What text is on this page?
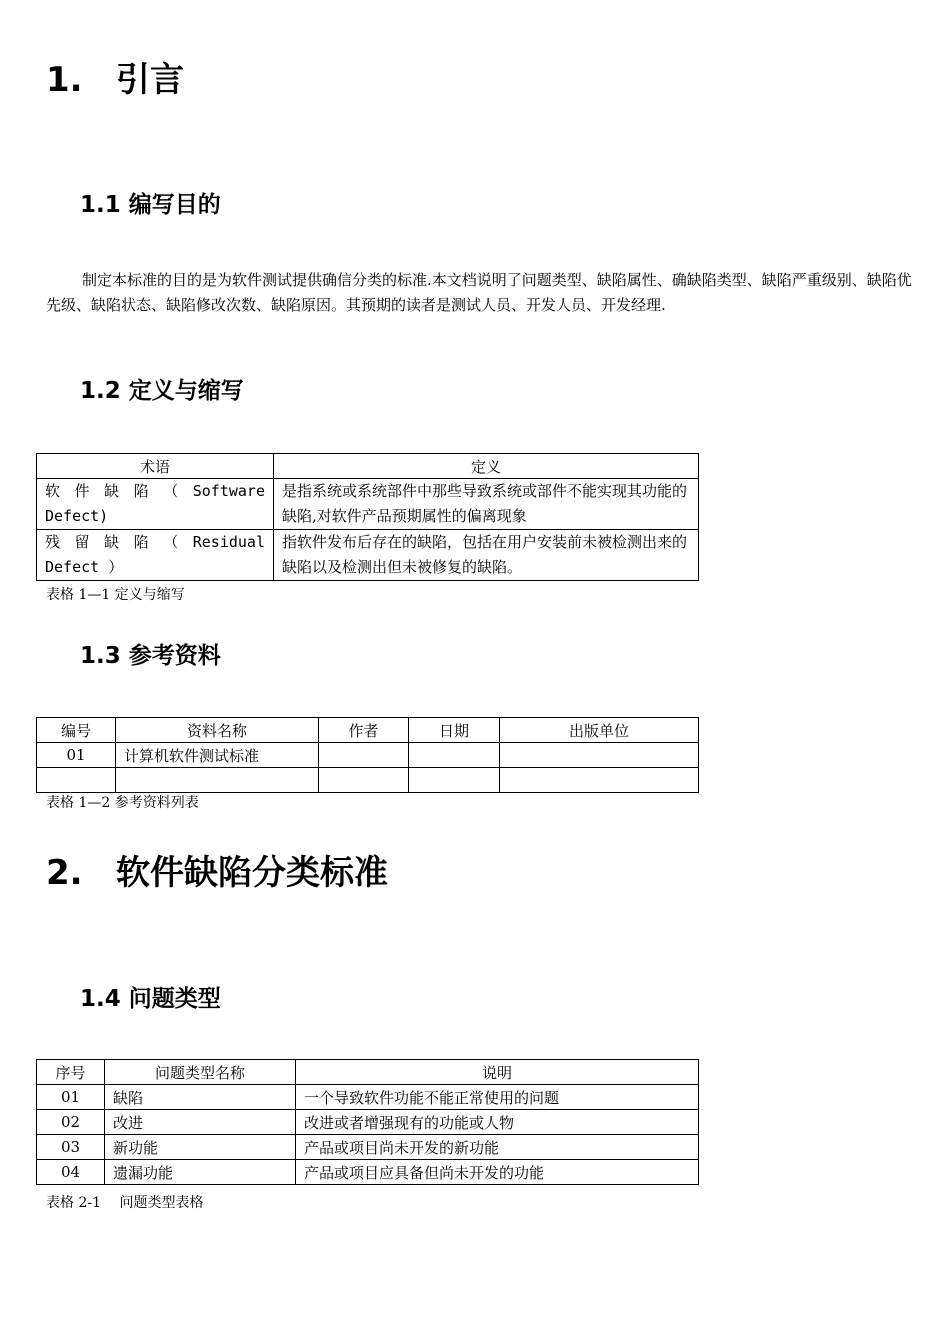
1. 引言
1.1 编写目的

制定本标准的目的是为软件测试提供确信分类的标准.本文档说明了问题类型、缺陷属性、确缺陷类型、缺陷严重级别、缺陷优先级、缺陷状态、缺陷修改次数、缺陷原因。其预期的读者是测试人员、开发人员、开发经理.

1.2 定义与缩写
术语	定义

软 件 缺 陷 （ Software
Defect)	是指系统或系统部件中那些导致系统或部件不能实现其功能的缺陷,对软件产品预期属性的偏离现象

残 留 缺 陷 （ Residual
Defect ）	指软件发布后存在的缺陷，包括在用户安装前未被检测出来的缺陷以及检测出但未被修复的缺陷。

表格 1—1 定义与缩写

1.3 参考资料
编号	资料名称	作者	日期	出版单位
01	计算机软件测试标准			

表格 1—2 参考资料列表

2. 软件缺陷分类标准
1.4 问题类型
序号	问题类型名称	说明
01	缺陷	一个导致软件功能不能正常使用的问题
02	改进	改进或者增强现有的功能或人物
03	新功能	产品或项目尚未开发的新功能
04	遗漏功能	产品或项目应具备但尚未开发的功能

表格 2-1　 问题类型表格
